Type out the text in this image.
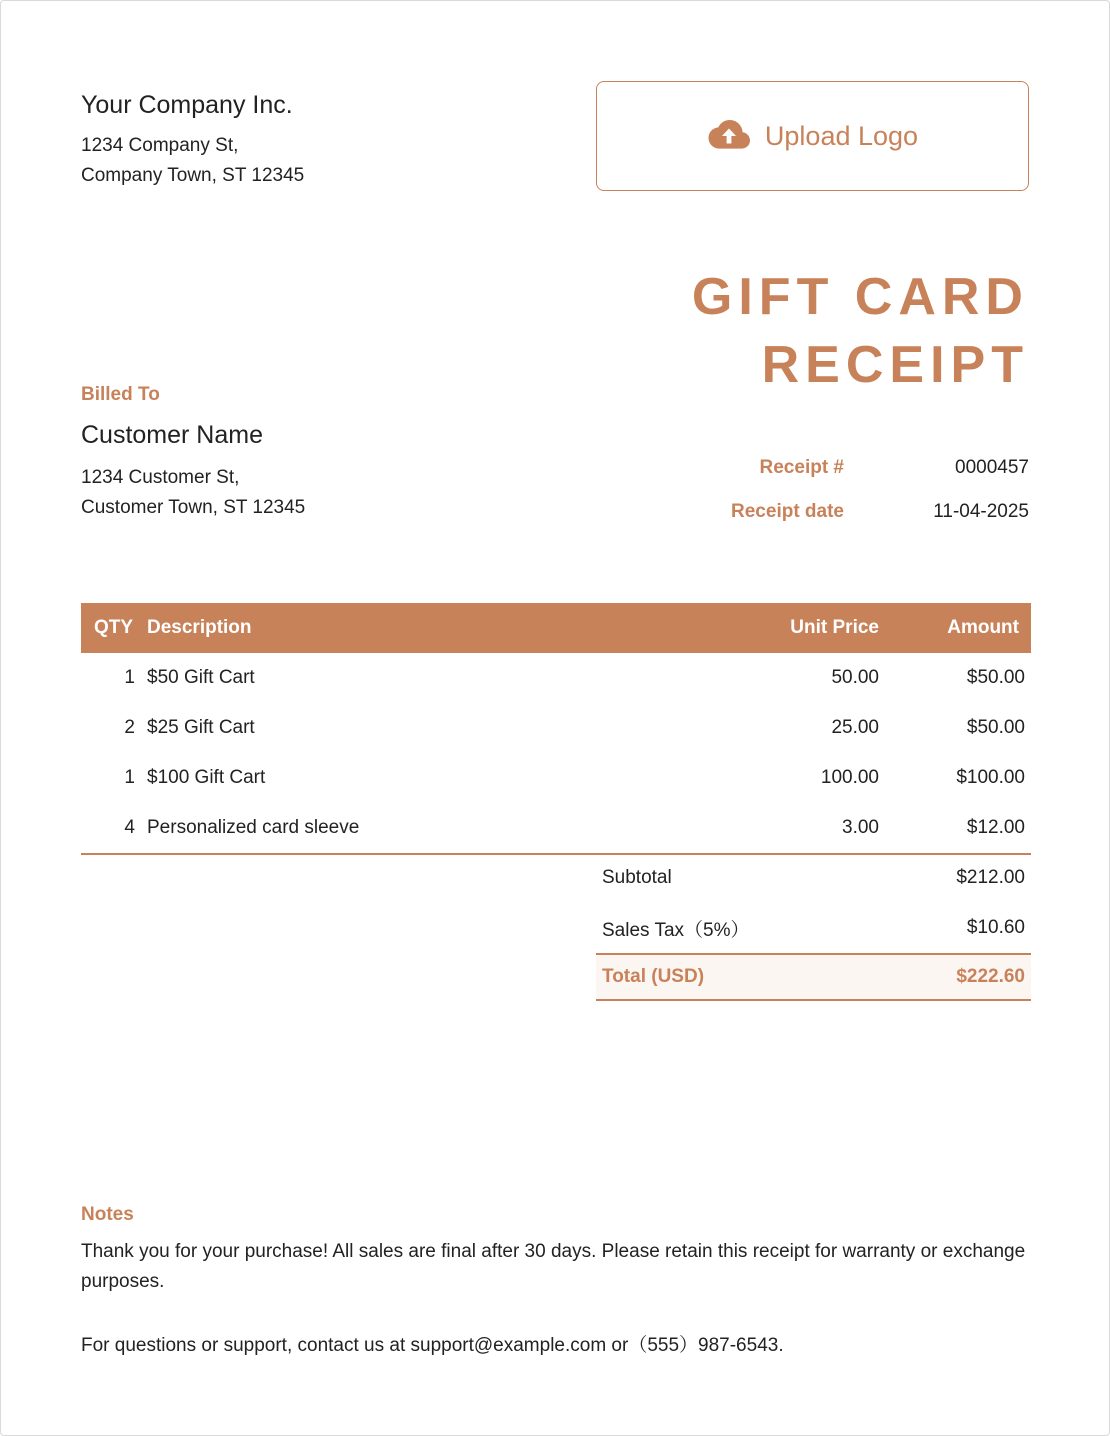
Your Company Inc.
1234 Company St,
Company Town, ST 12345
Upload Logo
GIFT CARD
RECEIPT
Billed To
Customer Name
1234 Customer St,
Customer Town, ST 12345
Receipt #	0000457
Receipt date	11-04-2025
QTY Description	Unit Price	Amount
1 $50 Gift Cart	50.00	$50.00
2 $25 Gift Cart	25.00	$50.00
1 $100 Gift Cart	100.00	$100.00
4 Personalized card sleeve	3.00	$12.00
Subtotal	$212.00
Sales Tax（5%）	$10.60
Total (USD)	$222.60
Notes
Thank you for your purchase! All sales are final after 30 days. Please retain this receipt for warranty or exchange purposes.
For questions or support, contact us at support@example.com or（555）987-6543.
